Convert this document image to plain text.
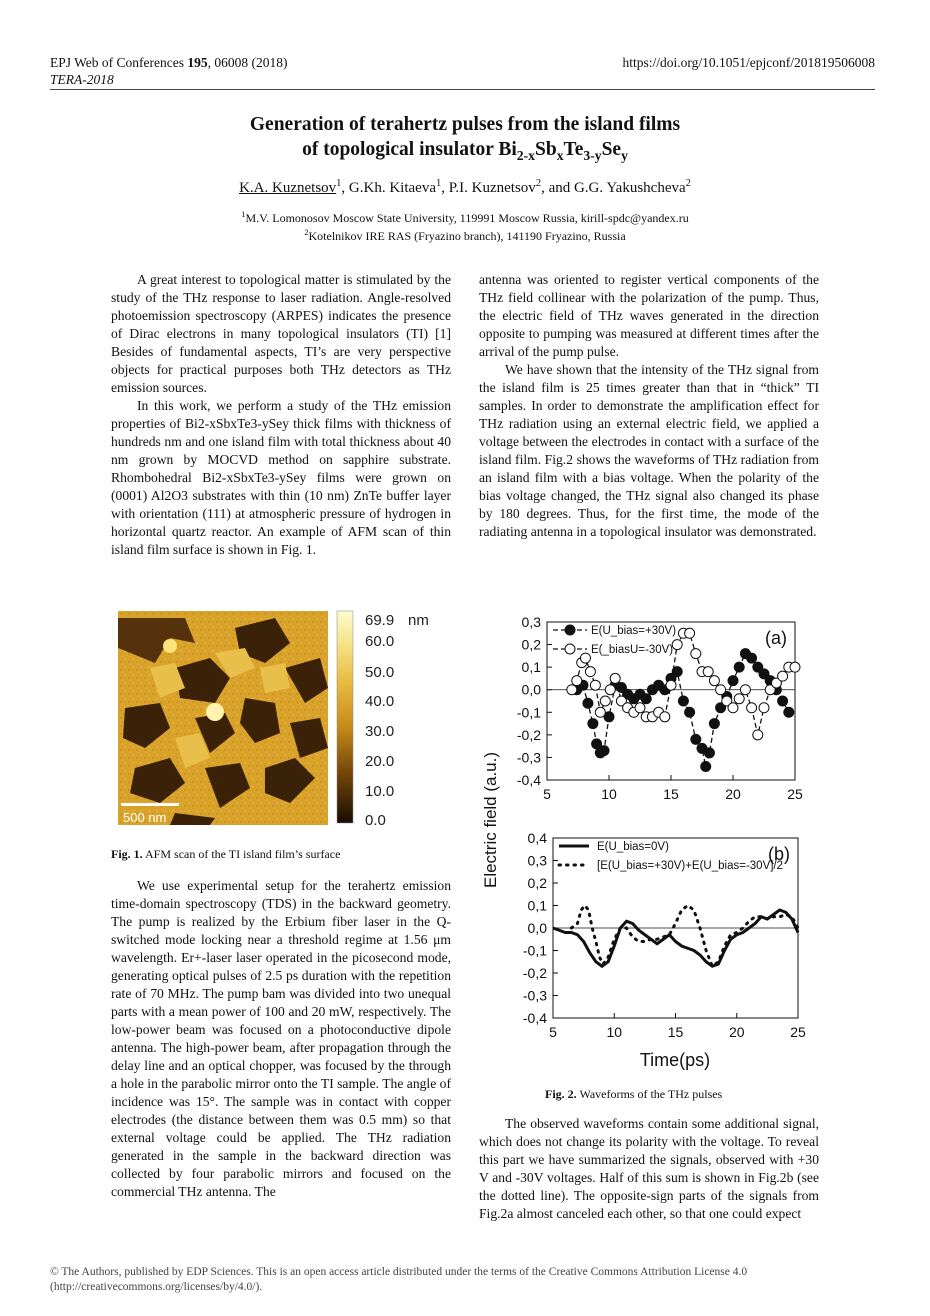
EPJ Web of Conferences 195, 06008 (2018)
TERA-2018
https://doi.org/10.1051/epjconf/201819506008
Generation of terahertz pulses from the island films
of topological insulator $Bi_{2-x}Sb_xTe_{3-y}Se_y$
K.A. Kuznetsov$^1$, G.Kh. Kitaeva$^1$, P.I. Kuznetsov$^2$, and G.G. Yakushcheva$^2$
$^1$M.V. Lomonosov Moscow State University, 119991 Moscow Russia, kirill-spdc@yandex.ru
$^2$Kotelnikov IRE RAS (Fryazino branch), 141190 Fryazino, Russia

A great interest to topological matter is stimulated by the study of the THz response to laser radiation. Angle-resolved photoemission spectroscopy (ARPES) indicates the presence of Dirac electrons in many topological insulators (TI) [1] Besides of fundamental aspects, TI’s are very perspective objects for practical purposes both THz detectors as THz emission sources.

In this work, we perform a study of the THz emission properties of Bi2-xSbxTe3-ySey thick films with thickness of hundreds nm and one island film with total thickness about 40 nm grown by MOCVD method on sapphire substrate. Rhombohedral Bi2-xSbxTe3-ySey films were grown on (0001) Al2O3 substrates with thin (10 nm) ZnTe buffer layer with orientation (111) at atmospheric pressure of hydrogen in horizontal quartz reactor. An example of AFM scan of thin island film surface is shown in Fig. 1.

500 nm
69.9 nm
60.0
50.0
40.0
30.0
20.0
10.0
0.0
Fig. 1. AFM scan of the TI island film’s surface

We use experimental setup for the terahertz emission time-domain spectroscopy (TDS) in the backward geometry. The pump is realized by the Erbium fiber laser in the Q-switched mode locking near a threshold regime at 1.56 μm wavelength. Er+-laser laser operated in the picosecond mode, generating optical pulses of 2.5 ps duration with the repetition rate of 70 MHz. The pump bam was divided into two unequal parts with a mean power of 100 and 20 mW, respectively. The low-power beam was focused on a photoconductive dipole antenna. The high-power beam, after propagation through the delay line and an optical chopper, was focused by the through a hole in the parabolic mirror onto the TI sample. The angle of incidence was 15°. The sample was in contact with copper electrodes (the distance between them was 0.5 mm) so that external voltage could be applied. The THz radiation generated in the sample in the backward direction was collected by four parabolic mirrors and focused on the commercial THz antenna. The

antenna was oriented to register vertical components of the THz field collinear with the polarization of the pump. Thus, the electric field of THz waves generated in the direction opposite to pumping was measured at different times after the arrival of the pump pulse.

We have shown that the intensity of the THz signal from the island film is 25 times greater than that in “thick” TI samples. In order to demonstrate the amplification effect for THz radiation using an external electric field, we applied a voltage between the electrodes in contact with a surface of the island film. Fig.2 shows the waveforms of THz radiation from an island film with a bias voltage. When the polarity of the bias voltage changed, the THz signal also changed its phase by 180 degrees. Thus, for the first time, the mode of the radiating antenna in a topological insulator was demonstrated.

0,3
0,2
0,1
0,0
-0,1
-0,2
-0,3
-0,4
5	10	15	20	25
(a)
E(U_bias=+30V)
E(_biasU=-30V)
0,4
0,3
0,2
0,1
0,0
-0,1
-0,2
-0,3
-0,4
5	10	15	20	25
(b)
E(U_bias=0V)
[E(U_bias=+30V)+E(U_bias=-30V]/2
Electric field (a.u.)
Time(ps)
Fig. 2. Waveforms of the THz pulses

The observed waveforms contain some additional signal, which does not change its polarity with the voltage. To reveal this part we have summarized the signals, observed with +30 V and -30V voltages. Half of this sum is shown in Fig.2b (see the dotted line). The opposite-sign parts of the signals from Fig.2a almost canceled each other, so that one could expect

© The Authors, published by EDP Sciences. This is an open access article distributed under the terms of the Creative Commons Attribution License 4.0 (http://creativecommons.org/licenses/by/4.0/).
